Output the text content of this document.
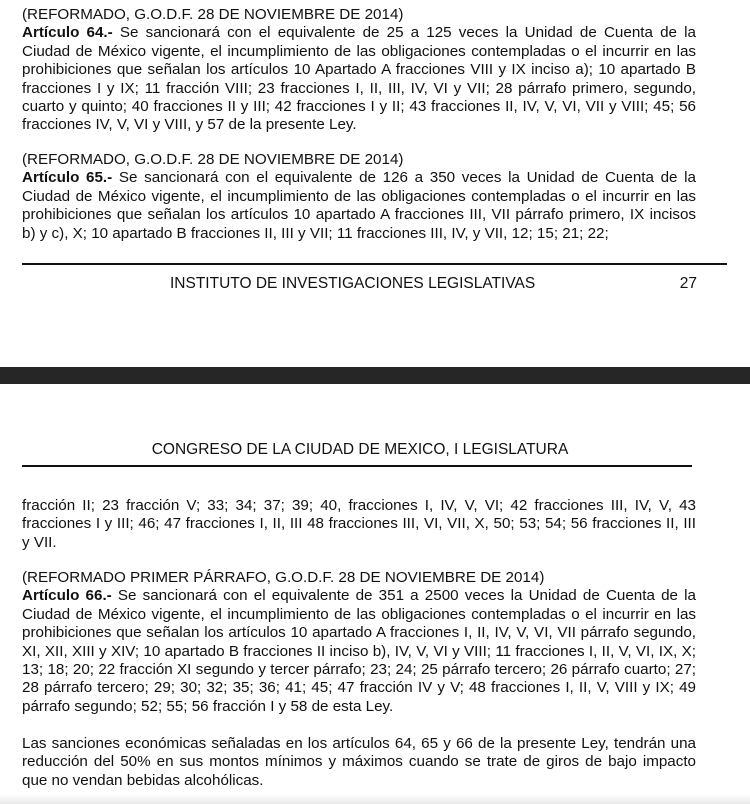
(REFORMADO, G.O.D.F. 28 DE NOVIEMBRE DE 2014)

Artículo 64.- Se sancionará con el equivalente de 25 a 125 veces la Unidad de Cuenta de la Ciudad de México vigente, el incumplimiento de las obligaciones contempladas o el incurrir en las prohibiciones que señalan los artículos 10 Apartado A fracciones VIII y IX inciso a); 10 apartado B fracciones I y IX; 11 fracción VIII; 23 fracciones I, II, III, IV, VI y VII; 28 párrafo primero, segundo, cuarto y quinto; 40 fracciones II y III; 42 fracciones I y II; 43 fracciones II, IV, V, VI, VII y VIII; 45; 56 fracciones IV, V, VI y VIII, y 57 de la presente Ley.

(REFORMADO, G.O.D.F. 28 DE NOVIEMBRE DE 2014)

Artículo 65.- Se sancionará con el equivalente de 126 a 350 veces la Unidad de Cuenta de la Ciudad de México vigente, el incumplimiento de las obligaciones contempladas o el incurrir en las prohibiciones que señalan los artículos 10 apartado A fracciones III, VII párrafo primero, IX incisos b) y c), X; 10 apartado B fracciones II, III y VII; 11 fracciones III, IV, y VII, 12; 15; 21; 22;

INSTITUTO DE INVESTIGACIONES LEGISLATIVAS	27
CONGRESO DE LA CIUDAD DE MEXICO, I LEGISLATURA

fracción II; 23 fracción V; 33; 34; 37; 39; 40, fracciones I, IV, V, VI; 42 fracciones III, IV, V, 43 fracciones I y III; 46; 47 fracciones I, II, III 48 fracciones III, VI, VII, X, 50; 53; 54; 56 fracciones II, III y VII.

(REFORMADO PRIMER PÁRRAFO, G.O.D.F. 28 DE NOVIEMBRE DE 2014)

Artículo 66.- Se sancionará con el equivalente de 351 a 2500 veces la Unidad de Cuenta de la Ciudad de México vigente, el incumplimiento de las obligaciones contempladas o el incurrir en las prohibiciones que señalan los artículos 10 apartado A fracciones I, II, IV, V, VI, VII párrafo segundo, XI, XII, XIII y XIV; 10 apartado B fracciones II inciso b), IV, V, VI y VIII; 11 fracciones I, II, V, VI, IX, X; 13; 18; 20; 22 fracción XI segundo y tercer párrafo; 23; 24; 25 párrafo tercero; 26 párrafo cuarto; 27; 28 párrafo tercero; 29; 30; 32; 35; 36; 41; 45; 47 fracción IV y V; 48 fracciones I, II, V, VIII y IX; 49 párrafo segundo; 52; 55; 56 fracción I y 58 de esta Ley.

Las sanciones económicas señaladas en los artículos 64, 65 y 66 de la presente Ley, tendrán una reducción del 50% en sus montos mínimos y máximos cuando se trate de giros de bajo impacto que no vendan bebidas alcohólicas.
